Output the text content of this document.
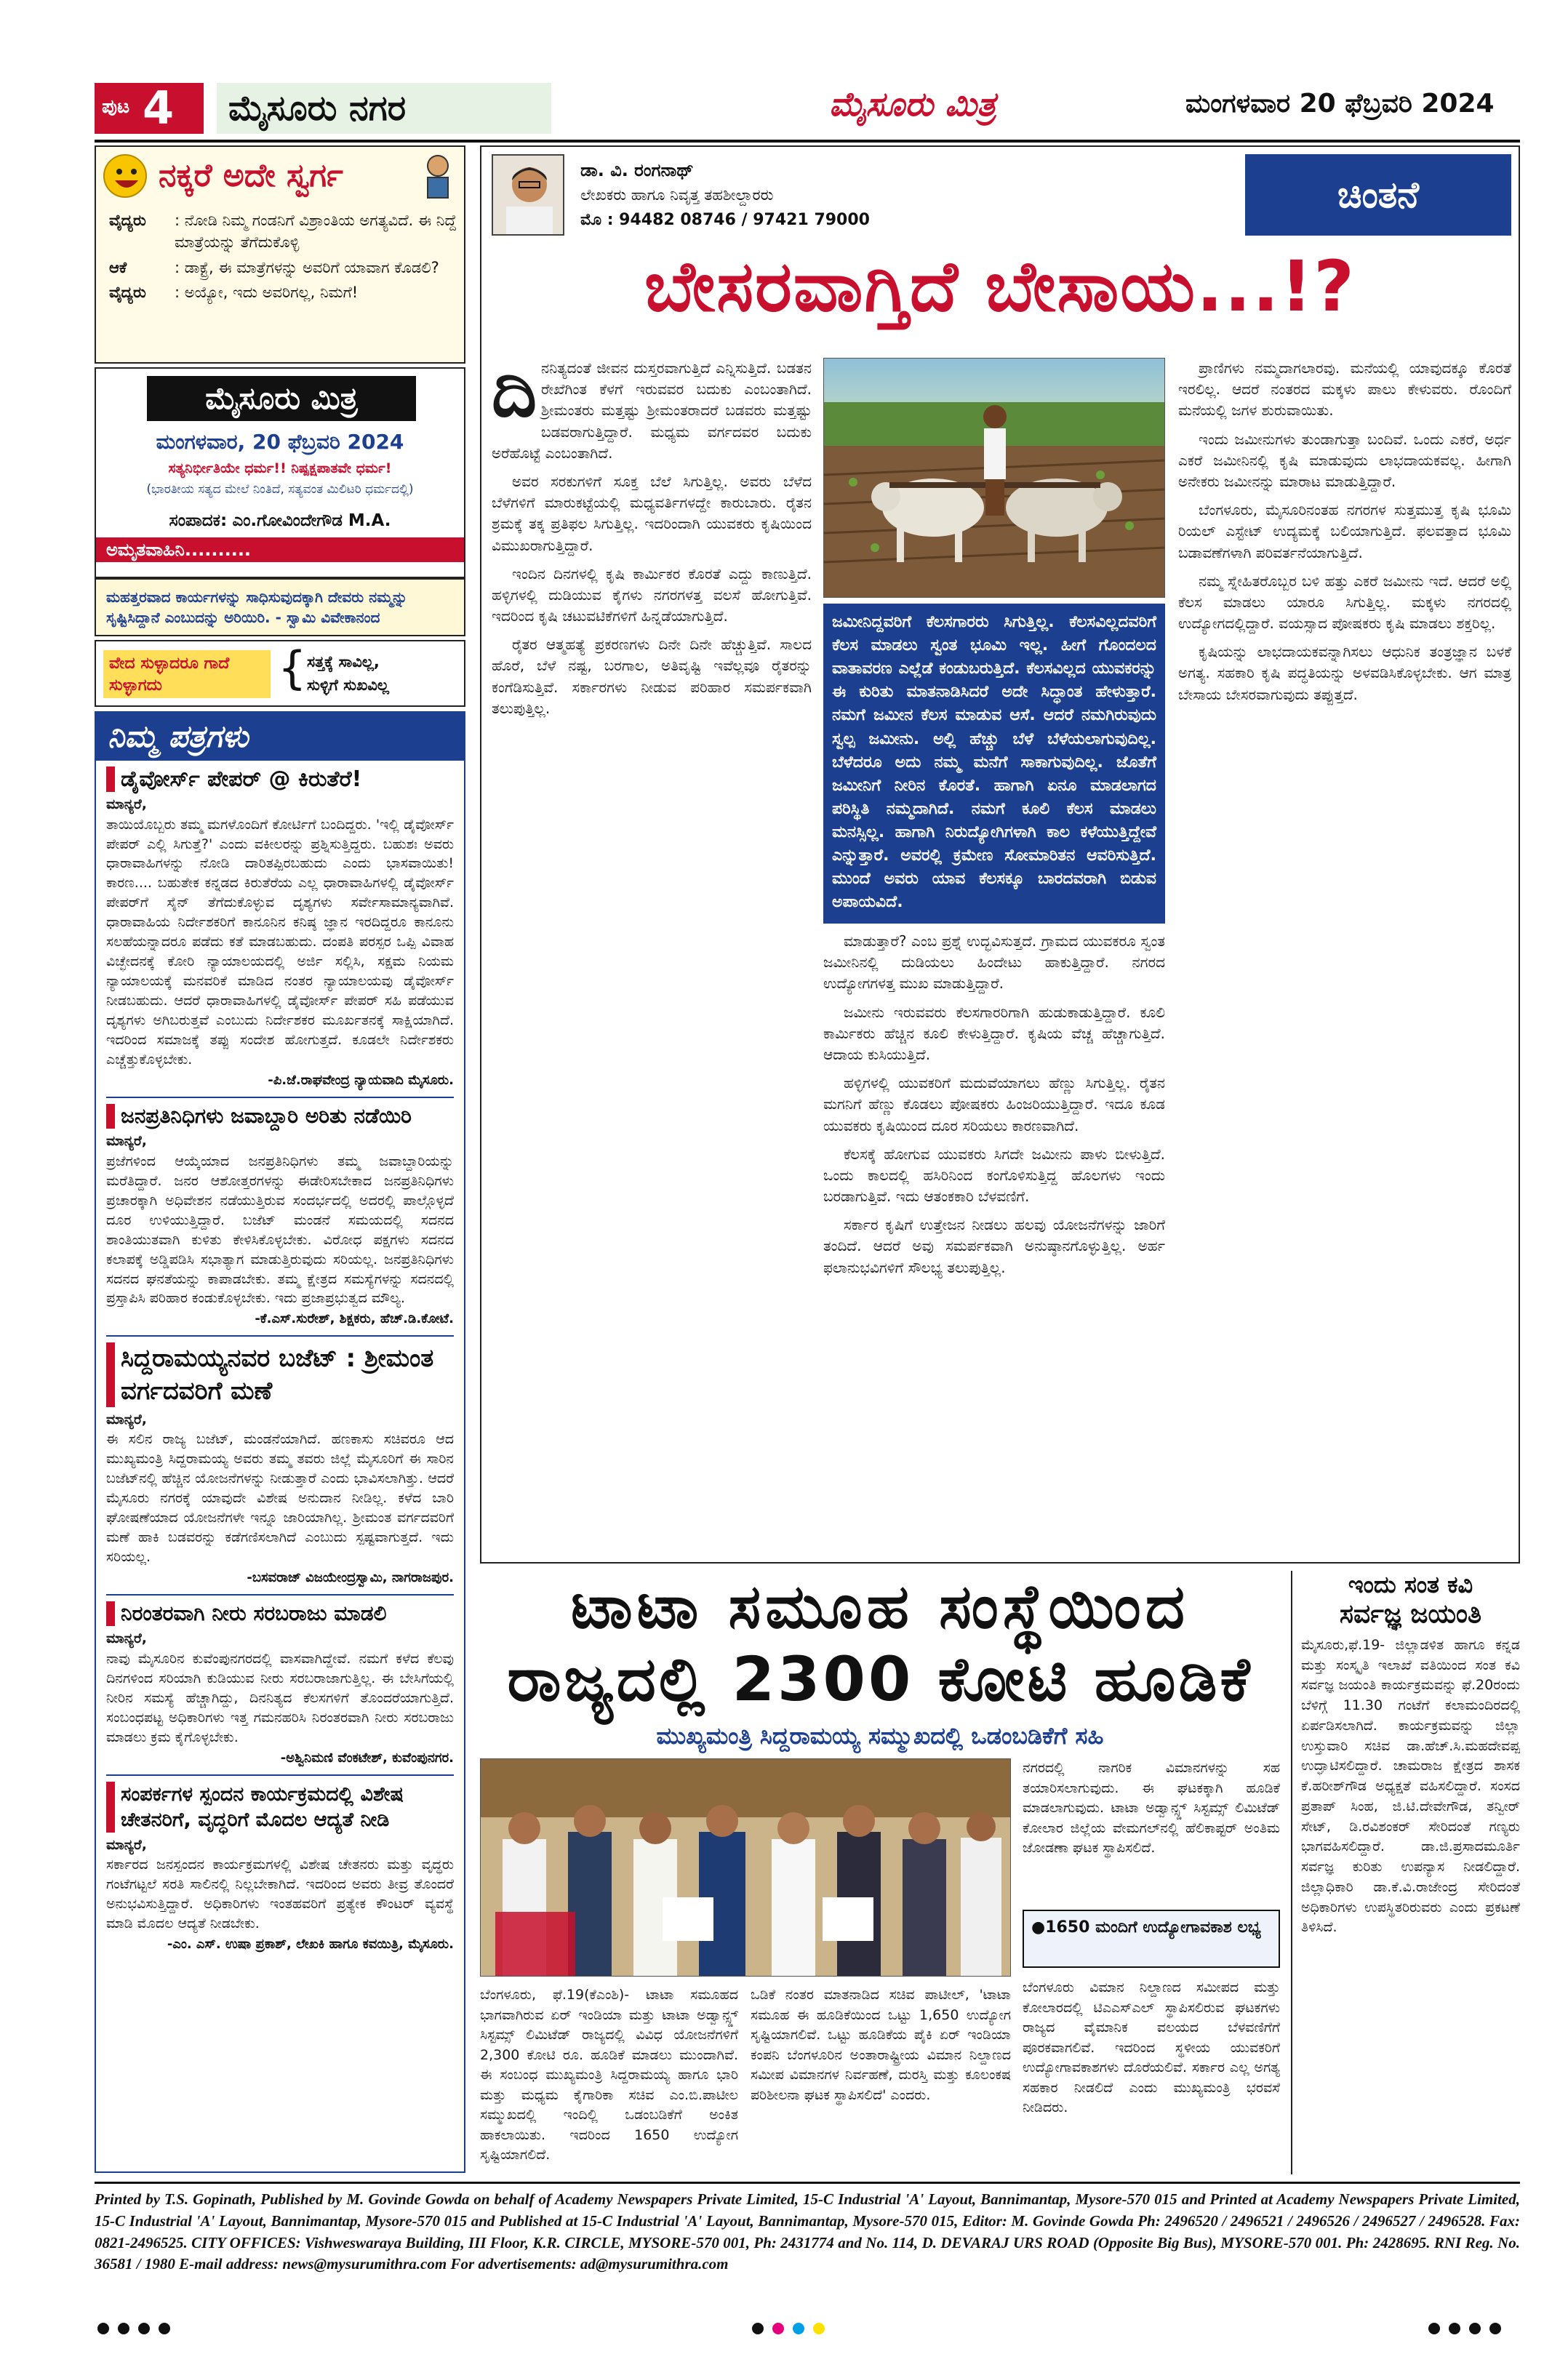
ಪುಟ 4	ಮೈಸೂರು ನಗರ	ಮೈಸೂರು ಮಿತ್ರ	ಮಂಗಳವಾರ 20 ಫೆಬ್ರವರಿ 2024
ನಕ್ಕರೆ ಅದೇ ಸ್ವರ್ಗ
ವೈದ್ಯರು	: ನೋಡಿ ನಿಮ್ಮ ಗಂಡನಿಗೆ ವಿಶ್ರಾಂತಿಯ ಅಗತ್ಯವಿದೆ. ಈ ನಿದ್ದೆ ಮಾತ್ರೆಯನ್ನು ತೆಗೆದುಕೊಳ್ಳಿ
ಆಕೆ	: ಡಾಕ್ಟ್ರೆ, ಈ ಮಾತ್ರೆಗಳನ್ನು ಅವರಿಗೆ ಯಾವಾಗ ಕೊಡಲಿ?
ವೈದ್ಯರು	: ಅಯ್ಯೋ, ಇದು ಅವರಿಗಲ್ಲ, ನಿಮಗೆ!
ಮೈಸೂರು ಮಿತ್ರ
ಮಂಗಳವಾರ, 20 ಫೆಬ್ರವರಿ 2024
ಸತ್ಯನಿರ್ಭೀತಿಯೇ ಧರ್ಮ!! ನಿಷ್ಪಕ್ಷಪಾತವೇ ಧರ್ಮ!
(ಭಾರತೀಯ ಸತ್ಯದ ಮೇಲೆ ನಿಂತಿದೆ, ಸತ್ಯವಂತ ಮಿಲಿಟರಿ ಧರ್ಮದಲ್ಲಿ)
ಸಂಪಾದಕ: ಎಂ.ಗೋವಿಂದೇಗೌಡ M.A.
ಅಮೃತವಾಹಿನಿ..........
ಮಹತ್ತರವಾದ ಕಾರ್ಯಗಳನ್ನು ಸಾಧಿಸುವುದಕ್ಕಾಗಿ ದೇವರು ನಮ್ಮನ್ನು ಸೃಷ್ಟಿಸಿದ್ದಾನೆ ಎಂಬುದನ್ನು ಅರಿಯಿರಿ. - ಸ್ವಾಮಿ ವಿವೇಕಾನಂದ
ವೇದ ಸುಳ್ಳಾದರೂ ಗಾದೆ ಸುಳ್ಳಾಗದು	{ ಸತ್ತಕ್ಕೆ ಸಾವಿಲ್ಲ,
ಸುಳ್ಳಿಗೆ ಸುಖವಿಲ್ಲ
ನಿಮ್ಮ ಪತ್ರಗಳು
ಡೈವೋರ್ಸ್ ಪೇಪರ್ @ ಕಿರುತೆರೆ!
ಮಾನ್ಯರೆ,
ತಾಯಿಯೊಬ್ಬರು ತಮ್ಮ ಮಗಳೊಂದಿಗೆ ಕೋರ್ಟಿಗೆ ಬಂದಿದ್ದರು. 'ಇಲ್ಲಿ ಡೈವೋರ್ಸ್ ಪೇಪರ್ ಎಲ್ಲಿ ಸಿಗುತ್ತೆ?' ಎಂದು ವಕೀಲರನ್ನು ಪ್ರಶ್ನಿಸುತ್ತಿದ್ದರು. ಬಹುಶಃ ಅವರು ಧಾರಾವಾಹಿಗಳನ್ನು ನೋಡಿ ದಾರಿತಪ್ಪಿರಬಹುದು ಎಂದು ಭಾಸವಾಯಿತು! ಕಾರಣ.... ಬಹುತೇಕ ಕನ್ನಡದ ಕಿರುತೆರೆಯ ಎಲ್ಲ ಧಾರಾವಾಹಿಗಳಲ್ಲಿ ಡೈವೋರ್ಸ್ ಪೇಪರ್‌ಗೆ ಸೈನ್ ತೆಗೆದುಕೊಳ್ಳುವ ದೃಶ್ಯಗಳು ಸರ್ವೇಸಾಮಾನ್ಯವಾಗಿವೆ. ಧಾರಾವಾಹಿಯ ನಿರ್ದೇಶಕರಿಗೆ ಕಾನೂನಿನ ಕನಿಷ್ಠ ಜ್ಞಾನ ಇರದಿದ್ದರೂ ಕಾನೂನು ಸಲಹೆಯನ್ನಾದರೂ ಪಡೆದು ಕತೆ ಮಾಡಬಹುದು. ದಂಪತಿ ಪರಸ್ಪರ ಒಪ್ಪಿ ವಿವಾಹ ವಿಚ್ಛೇದನಕ್ಕೆ ಕೋರಿ ನ್ಯಾಯಾಲಯದಲ್ಲಿ ಅರ್ಜಿ ಸಲ್ಲಿಸಿ, ಸಕ್ಷಮ ನಿಯಮ ನ್ಯಾಯಾಲಯಕ್ಕೆ ಮನವರಿಕೆ ಮಾಡಿದ ನಂತರ ನ್ಯಾಯಾಲಯವು ಡೈವೋರ್ಸ್ ನೀಡಬಹುದು. ಆದರೆ ಧಾರಾವಾಹಿಗಳಲ್ಲಿ ಡೈವೋರ್ಸ್ ಪೇಪರ್ ಸಹಿ ಪಡೆಯುವ ದೃಶ್ಯಗಳು ಅಗಿಬರುತ್ತವೆ ಎಂಬುದು ನಿರ್ದೇಶಕರ ಮೂರ್ಖತನಕ್ಕೆ ಸಾಕ್ಷಿಯಾಗಿದೆ. ಇದರಿಂದ ಸಮಾಜಕ್ಕೆ ತಪ್ಪು ಸಂದೇಶ ಹೋಗುತ್ತದೆ. ಕೂಡಲೇ ನಿರ್ದೇಶಕರು ಎಚ್ಚೆತ್ತುಕೊಳ್ಳಬೇಕು.
-ಪಿ.ಜೆ.ರಾಘವೇಂದ್ರ ನ್ಯಾಯವಾದಿ ಮೈಸೂರು.
ಜನಪ್ರತಿನಿಧಿಗಳು ಜವಾಬ್ದಾರಿ ಅರಿತು ನಡೆಯಿರಿ
ಮಾನ್ಯರೆ,
ಪ್ರಜೆಗಳಿಂದ ಆಯ್ಕೆಯಾದ ಜನಪ್ರತಿನಿಧಿಗಳು ತಮ್ಮ ಜವಾಬ್ದಾರಿಯನ್ನು ಮರೆತಿದ್ದಾರೆ. ಜನರ ಆಶೋತ್ತರಗಳನ್ನು ಈಡೇರಿಸಬೇಕಾದ ಜನಪ್ರತಿನಿಧಿಗಳು ಪ್ರಚಾರಕ್ಕಾಗಿ ಅಧಿವೇಶನ ನಡೆಯುತ್ತಿರುವ ಸಂದರ್ಭದಲ್ಲಿ ಅದರಲ್ಲಿ ಪಾಲ್ಗೊಳ್ಳದೆ ದೂರ ಉಳಿಯುತ್ತಿದ್ದಾರೆ. ಬಜೆಟ್ ಮಂಡನೆ ಸಮಯದಲ್ಲಿ ಸದನದ ಶಾಂತಿಯುತವಾಗಿ ಕುಳಿತು ಕೇಳಿಸಿಕೊಳ್ಳಬೇಕು. ವಿರೋಧ ಪಕ್ಷಗಳು ಸದನದ ಕಲಾಪಕ್ಕೆ ಅಡ್ಡಿಪಡಿಸಿ ಸಭಾತ್ಯಾಗ ಮಾಡುತ್ತಿರುವುದು ಸರಿಯಲ್ಲ. ಜನಪ್ರತಿನಿಧಿಗಳು ಸದನದ ಘನತೆಯನ್ನು ಕಾಪಾಡಬೇಕು. ತಮ್ಮ ಕ್ಷೇತ್ರದ ಸಮಸ್ಯೆಗಳನ್ನು ಸದನದಲ್ಲಿ ಪ್ರಸ್ತಾಪಿಸಿ ಪರಿಹಾರ ಕಂಡುಕೊಳ್ಳಬೇಕು. ಇದು ಪ್ರಜಾಪ್ರಭುತ್ವದ ಮೌಲ್ಯ.
-ಕೆ.ಎಸ್.ಸುರೇಶ್, ಶಿಕ್ಷಕರು, ಹೆಚ್.ಡಿ.ಕೋಟೆ.
ಸಿದ್ದರಾಮಯ್ಯನವರ ಬಜೆಟ್ : ಶ್ರೀಮಂತ ವರ್ಗದವರಿಗೆ ಮಣೆ
ಮಾನ್ಯರೆ,
ಈ ಸಲಿನ ರಾಜ್ಯ ಬಜೆಟ್, ಮಂಡನೆಯಾಗಿದೆ. ಹಣಕಾಸು ಸಚಿವರೂ ಆದ ಮುಖ್ಯಮಂತ್ರಿ ಸಿದ್ದರಾಮಯ್ಯ ಅವರು ತಮ್ಮ ತವರು ಜಿಲ್ಲೆ ಮೈಸೂರಿಗೆ ಈ ಸಾರಿನ ಬಜೆಟ್‌ನಲ್ಲಿ ಹೆಚ್ಚಿನ ಯೋಜನೆಗಳನ್ನು ನೀಡುತ್ತಾರೆ ಎಂದು ಭಾವಿಸಲಾಗಿತ್ತು. ಆದರೆ ಮೈಸೂರು ನಗರಕ್ಕೆ ಯಾವುದೇ ವಿಶೇಷ ಅನುದಾನ ನೀಡಿಲ್ಲ. ಕಳೆದ ಬಾರಿ ಘೋಷಣೆಯಾದ ಯೋಜನೆಗಳೇ ಇನ್ನೂ ಜಾರಿಯಾಗಿಲ್ಲ. ಶ್ರೀಮಂತ ವರ್ಗದವರಿಗೆ ಮಣೆ ಹಾಕಿ ಬಡವರನ್ನು ಕಡೆಗಣಿಸಲಾಗಿದೆ ಎಂಬುದು ಸ್ಪಷ್ಟವಾಗುತ್ತದೆ. ಇದು ಸರಿಯಲ್ಲ.
-ಬಸವರಾಜ್ ವಿಜಯೇಂದ್ರಸ್ವಾಮಿ, ನಾಗರಾಜಪುರ.
ನಿರಂತರವಾಗಿ ನೀರು ಸರಬರಾಜು ಮಾಡಲಿ
ಮಾನ್ಯರೆ,
ನಾವು ಮೈಸೂರಿನ ಕುವೆಂಪುನಗರದಲ್ಲಿ ವಾಸವಾಗಿದ್ದೇವೆ. ನಮಗೆ ಕಳೆದ ಕೆಲವು ದಿನಗಳಿಂದ ಸರಿಯಾಗಿ ಕುಡಿಯುವ ನೀರು ಸರಬರಾಜಾಗುತ್ತಿಲ್ಲ. ಈ ಬೇಸಿಗೆಯಲ್ಲಿ ನೀರಿನ ಸಮಸ್ಯೆ ಹೆಚ್ಚಾಗಿದ್ದು, ದಿನನಿತ್ಯದ ಕೆಲಸಗಳಿಗೆ ತೊಂದರೆಯಾಗುತ್ತಿದೆ. ಸಂಬಂಧಪಟ್ಟ ಅಧಿಕಾರಿಗಳು ಇತ್ತ ಗಮನಹರಿಸಿ ನಿರಂತರವಾಗಿ ನೀರು ಸರಬರಾಜು ಮಾಡಲು ಕ್ರಮ ಕೈಗೊಳ್ಳಬೇಕು.
-ಅಶ್ವಿನಿಮಣಿ ವೆಂಕಟೇಶ್, ಕುವೆಂಪುನಗರ.
ಸಂಪರ್ಕಗಳ ಸ್ಪಂದನ ಕಾರ್ಯಕ್ರಮದಲ್ಲಿ ವಿಶೇಷ ಚೇತನರಿಗೆ, ವೃದ್ಧರಿಗೆ ಮೊದಲ ಆದ್ಯತೆ ನೀಡಿ
ಮಾನ್ಯರೆ,
ಸರ್ಕಾರದ ಜನಸ್ಪಂದನ ಕಾರ್ಯಕ್ರಮಗಳಲ್ಲಿ ವಿಶೇಷ ಚೇತನರು ಮತ್ತು ವೃದ್ಧರು ಗಂಟೆಗಟ್ಟಲೆ ಸರತಿ ಸಾಲಿನಲ್ಲಿ ನಿಲ್ಲಬೇಕಾಗಿದೆ. ಇದರಿಂದ ಅವರು ತೀವ್ರ ತೊಂದರೆ ಅನುಭವಿಸುತ್ತಿದ್ದಾರೆ. ಅಧಿಕಾರಿಗಳು ಇಂತಹವರಿಗೆ ಪ್ರತ್ಯೇಕ ಕೌಂಟರ್ ವ್ಯವಸ್ಥೆ ಮಾಡಿ ಮೊದಲ ಆದ್ಯತೆ ನೀಡಬೇಕು.
-ಎಂ. ಎಸ್. ಉಷಾ ಪ್ರಕಾಶ್, ಲೇಖಕಿ ಹಾಗೂ ಕವಯಿತ್ರಿ, ಮೈಸೂರು.
ಡಾ. ವಿ. ರಂಗನಾಥ್
ಲೇಖಕರು ಹಾಗೂ ನಿವೃತ್ತ ತಹಶೀಲ್ದಾರರು
ಮೊ : 94482 08746 / 97421 79000
ಚಿಂತನೆ
ಬೇಸರವಾಗ್ತಿದೆ ಬೇಸಾಯ...!?
ದಿ ನನಿತ್ಯದಂತೆ ಜೀವನ ದುಸ್ತರವಾಗುತ್ತಿದೆ ಎನ್ನಿಸುತ್ತಿದೆ. ಬಡತನ ರೇಖೆಗಿಂತ ಕೆಳಗೆ ಇರುವವರ ಬದುಕು ಎಂಬಂತಾಗಿದೆ. ಶ್ರೀಮಂತರು ಮತ್ತಷ್ಟು ಶ್ರೀಮಂತರಾದರೆ ಬಡವರು ಮತ್ತಷ್ಟು ಬಡವರಾಗುತ್ತಿದ್ದಾರೆ. ಮಧ್ಯಮ ವರ್ಗದವರ ಬದುಕು ಅರೆಹೊಟ್ಟೆ ಎಂಬಂತಾಗಿದೆ.

ಅವರ ಸರಕುಗಳಿಗೆ ಸೂಕ್ತ ಬೆಲೆ ಸಿಗುತ್ತಿಲ್ಲ. ಅವರು ಬೆಳೆದ ಬೆಳೆಗಳಿಗೆ ಮಾರುಕಟ್ಟೆಯಲ್ಲಿ ಮಧ್ಯವರ್ತಿಗಳದ್ದೇ ಕಾರುಬಾರು. ರೈತನ ಶ್ರಮಕ್ಕೆ ತಕ್ಕ ಪ್ರತಿಫಲ ಸಿಗುತ್ತಿಲ್ಲ. ಇದರಿಂದಾಗಿ ಯುವಕರು ಕೃಷಿಯಿಂದ ವಿಮುಖರಾಗುತ್ತಿದ್ದಾರೆ.

ಇಂದಿನ ದಿನಗಳಲ್ಲಿ ಕೃಷಿ ಕಾರ್ಮಿಕರ ಕೊರತೆ ಎದ್ದು ಕಾಣುತ್ತಿದೆ. ಹಳ್ಳಿಗಳಲ್ಲಿ ದುಡಿಯುವ ಕೈಗಳು ನಗರಗಳತ್ತ ವಲಸೆ ಹೋಗುತ್ತಿವೆ. ಇದರಿಂದ ಕೃಷಿ ಚಟುವಟಿಕೆಗಳಿಗೆ ಹಿನ್ನಡೆಯಾಗುತ್ತಿದೆ.

ರೈತರ ಆತ್ಮಹತ್ಯೆ ಪ್ರಕರಣಗಳು ದಿನೇ ದಿನೇ ಹೆಚ್ಚುತ್ತಿವೆ. ಸಾಲದ ಹೊರೆ, ಬೆಳೆ ನಷ್ಟ, ಬರಗಾಲ, ಅತಿವೃಷ್ಟಿ ಇವೆಲ್ಲವೂ ರೈತರನ್ನು ಕಂಗೆಡಿಸುತ್ತಿವೆ. ಸರ್ಕಾರಗಳು ನೀಡುವ ಪರಿಹಾರ ಸಮರ್ಪಕವಾಗಿ ತಲುಪುತ್ತಿಲ್ಲ.

ಜಮೀನಿದ್ದವರಿಗೆ ಕೆಲಸಗಾರರು ಸಿಗುತ್ತಿಲ್ಲ. ಕೆಲಸವಿಲ್ಲದವರಿಗೆ ಕೆಲಸ ಮಾಡಲು ಸ್ವಂತ ಭೂಮಿ ಇಲ್ಲ. ಹೀಗೆ ಗೊಂದಲದ ವಾತಾವರಣ ಎಲ್ಲೆಡೆ ಕಂಡುಬರುತ್ತಿದೆ. ಕೆಲಸವಿಲ್ಲದ ಯುವಕರನ್ನು ಈ ಕುರಿತು ಮಾತನಾಡಿಸಿದರೆ ಅದೇ ಸಿದ್ಧಾಂತ ಹೇಳುತ್ತಾರೆ. ನಮಗೆ ಜಮೀನ ಕೆಲಸ ಮಾಡುವ ಆಸೆ. ಆದರೆ ನಮಗಿರುವುದು ಸ್ವಲ್ಪ ಜಮೀನು. ಅಲ್ಲಿ ಹೆಚ್ಚು ಬೆಳೆ ಬೆಳೆಯಲಾಗುವುದಿಲ್ಲ. ಬೆಳೆದರೂ ಅದು ನಮ್ಮ ಮನೆಗೆ ಸಾಕಾಗುವುದಿಲ್ಲ. ಜೊತೆಗೆ ಜಮೀನಿಗೆ ನೀರಿನ ಕೊರತೆ. ಹಾಗಾಗಿ ಏನೂ ಮಾಡಲಾಗದ ಪರಿಸ್ಥಿತಿ ನಮ್ಮದಾಗಿದೆ. ನಮಗೆ ಕೂಲಿ ಕೆಲಸ ಮಾಡಲು ಮನಸ್ಸಿಲ್ಲ. ಹಾಗಾಗಿ ನಿರುದ್ಯೋಗಿಗಳಾಗಿ ಕಾಲ ಕಳೆಯುತ್ತಿದ್ದೇವೆ ಎನ್ನುತ್ತಾರೆ. ಅವರಲ್ಲಿ ಕ್ರಮೇಣ ಸೋಮಾರಿತನ ಆವರಿಸುತ್ತಿದೆ. ಮುಂದೆ ಅವರು ಯಾವ ಕೆಲಸಕ್ಕೂ ಬಾರದವರಾಗಿ ಬಿಡುವ ಅಪಾಯವಿದೆ.

ಮಾಡುತ್ತಾರೆ? ಎಂಬ ಪ್ರಶ್ನೆ ಉದ್ಭವಿಸುತ್ತದೆ. ಗ್ರಾಮದ ಯುವಕರೂ ಸ್ವಂತ ಜಮೀನಿನಲ್ಲಿ ದುಡಿಯಲು ಹಿಂದೇಟು ಹಾಕುತ್ತಿದ್ದಾರೆ. ನಗರದ ಉದ್ಯೋಗಗಳತ್ತ ಮುಖ ಮಾಡುತ್ತಿದ್ದಾರೆ.

ಜಮೀನು ಇರುವವರು ಕೆಲಸಗಾರರಿಗಾಗಿ ಹುಡುಕಾಡುತ್ತಿದ್ದಾರೆ. ಕೂಲಿ ಕಾರ್ಮಿಕರು ಹೆಚ್ಚಿನ ಕೂಲಿ ಕೇಳುತ್ತಿದ್ದಾರೆ. ಕೃಷಿಯ ವೆಚ್ಚ ಹೆಚ್ಚಾಗುತ್ತಿದೆ. ಆದಾಯ ಕುಸಿಯುತ್ತಿದೆ.

ಹಳ್ಳಿಗಳಲ್ಲಿ ಯುವಕರಿಗೆ ಮದುವೆಯಾಗಲು ಹೆಣ್ಣು ಸಿಗುತ್ತಿಲ್ಲ. ರೈತನ ಮಗನಿಗೆ ಹೆಣ್ಣು ಕೊಡಲು ಪೋಷಕರು ಹಿಂಜರಿಯುತ್ತಿದ್ದಾರೆ. ಇದೂ ಕೂಡ ಯುವಕರು ಕೃಷಿಯಿಂದ ದೂರ ಸರಿಯಲು ಕಾರಣವಾಗಿದೆ.

ಕೆಲಸಕ್ಕೆ ಹೋಗುವ ಯುವಕರು ಸಿಗದೇ ಜಮೀನು ಪಾಳು ಬೀಳುತ್ತಿದೆ. ಒಂದು ಕಾಲದಲ್ಲಿ ಹಸಿರಿನಿಂದ ಕಂಗೊಳಿಸುತ್ತಿದ್ದ ಹೊಲಗಳು ಇಂದು ಬರಡಾಗುತ್ತಿವೆ. ಇದು ಆತಂಕಕಾರಿ ಬೆಳವಣಿಗೆ.

ಸರ್ಕಾರ ಕೃಷಿಗೆ ಉತ್ತೇಜನ ನೀಡಲು ಹಲವು ಯೋಜನೆಗಳನ್ನು ಜಾರಿಗೆ ತಂದಿದೆ. ಆದರೆ ಅವು ಸಮರ್ಪಕವಾಗಿ ಅನುಷ್ಠಾನಗೊಳ್ಳುತ್ತಿಲ್ಲ. ಅರ್ಹ ಫಲಾನುಭವಿಗಳಿಗೆ ಸೌಲಭ್ಯ ತಲುಪುತ್ತಿಲ್ಲ.

ಪ್ರಾಣಿಗಳು ನಮ್ಮದಾಗಲಾರವು. ಮನೆಯಲ್ಲಿ ಯಾವುದಕ್ಕೂ ಕೊರತೆ ಇರಲಿಲ್ಲ. ಆದರೆ ನಂತರದ ಮಕ್ಕಳು ಪಾಲು ಕೇಳುವರು. ರೊಂದಿಗೆ ಮನೆಯಲ್ಲಿ ಜಗಳ ಶುರುವಾಯಿತು.

ಇಂದು ಜಮೀನುಗಳು ತುಂಡಾಗುತ್ತಾ ಬಂದಿವೆ. ಒಂದು ಎಕರೆ, ಅರ್ಧ ಎಕರೆ ಜಮೀನಿನಲ್ಲಿ ಕೃಷಿ ಮಾಡುವುದು ಲಾಭದಾಯಕವಲ್ಲ. ಹೀಗಾಗಿ ಅನೇಕರು ಜಮೀನನ್ನು ಮಾರಾಟ ಮಾಡುತ್ತಿದ್ದಾರೆ.

ಬೆಂಗಳೂರು, ಮೈಸೂರಿನಂತಹ ನಗರಗಳ ಸುತ್ತಮುತ್ತ ಕೃಷಿ ಭೂಮಿ ರಿಯಲ್ ಎಸ್ಟೇಟ್ ಉದ್ಯಮಕ್ಕೆ ಬಲಿಯಾಗುತ್ತಿದೆ. ಫಲವತ್ತಾದ ಭೂಮಿ ಬಡಾವಣೆಗಳಾಗಿ ಪರಿವರ್ತನೆಯಾಗುತ್ತಿದೆ.

ನಮ್ಮ ಸ್ನೇಹಿತರೊಬ್ಬರ ಬಳಿ ಹತ್ತು ಎಕರೆ ಜಮೀನು ಇದೆ. ಆದರೆ ಅಲ್ಲಿ ಕೆಲಸ ಮಾಡಲು ಯಾರೂ ಸಿಗುತ್ತಿಲ್ಲ. ಮಕ್ಕಳು ನಗರದಲ್ಲಿ ಉದ್ಯೋಗದಲ್ಲಿದ್ದಾರೆ. ವಯಸ್ಸಾದ ಪೋಷಕರು ಕೃಷಿ ಮಾಡಲು ಶಕ್ತರಿಲ್ಲ.

ಕೃಷಿಯನ್ನು ಲಾಭದಾಯಕವನ್ನಾಗಿಸಲು ಆಧುನಿಕ ತಂತ್ರಜ್ಞಾನ ಬಳಕೆ ಅಗತ್ಯ. ಸಹಕಾರಿ ಕೃಷಿ ಪದ್ಧತಿಯನ್ನು ಅಳವಡಿಸಿಕೊಳ್ಳಬೇಕು. ಆಗ ಮಾತ್ರ ಬೇಸಾಯ ಬೇಸರವಾಗುವುದು ತಪ್ಪುತ್ತದೆ.

ಟಾಟಾ ಸಮೂಹ ಸಂಸ್ಥೆಯಿಂದ
ರಾಜ್ಯದಲ್ಲಿ 2300 ಕೋಟಿ ಹೂಡಿಕೆ
ಮುಖ್ಯಮಂತ್ರಿ ಸಿದ್ದರಾಮಯ್ಯ ಸಮ್ಮುಖದಲ್ಲಿ ಒಡಂಬಡಿಕೆಗೆ ಸಹಿ
ನಗರದಲ್ಲಿ ನಾಗರಿಕ ವಿಮಾನಗಳನ್ನು ಸಹ ತಯಾರಿಸಲಾಗುವುದು. ಈ ಘಟಕಕ್ಕಾಗಿ ಹೂಡಿಕೆ ಮಾಡಲಾಗುವುದು. ಟಾಟಾ ಅಡ್ವಾನ್ಸ್ಡ್ ಸಿಸ್ಟಮ್ಸ್ ಲಿಮಿಟೆಡ್ ಕೋಲಾರ ಜಿಲ್ಲೆಯ ವೇಮಗಲ್‌ನಲ್ಲಿ ಹೆಲಿಕಾಪ್ಟರ್ ಅಂತಿಮ ಜೋಡಣಾ ಘಟಕ ಸ್ಥಾಪಿಸಲಿದೆ.
●1650 ಮಂದಿಗೆ ಉದ್ಯೋಗಾವಕಾಶ ಲಭ್ಯ
ಬೆಂಗಳೂರು, ಫೆ.19(ಕೆಎಂಶಿ)- ಟಾಟಾ ಸಮೂಹದ ಭಾಗವಾಗಿರುವ ಏರ್ ಇಂಡಿಯಾ ಮತ್ತು ಟಾಟಾ ಅಡ್ವಾನ್ಸ್ಡ್ ಸಿಸ್ಟಮ್ಸ್ ಲಿಮಿಟೆಡ್ ರಾಜ್ಯದಲ್ಲಿ ವಿವಿಧ ಯೋಜನೆಗಳಿಗೆ 2,300 ಕೋಟಿ ರೂ. ಹೂಡಿಕೆ ಮಾಡಲು ಮುಂದಾಗಿವೆ. ಈ ಸಂಬಂಧ ಮುಖ್ಯಮಂತ್ರಿ ಸಿದ್ದರಾಮಯ್ಯ ಹಾಗೂ ಭಾರಿ ಮತ್ತು ಮಧ್ಯಮ ಕೈಗಾರಿಕಾ ಸಚಿವ ಎಂ.ಬಿ.ಪಾಟೀಲ ಸಮ್ಮುಖದಲ್ಲಿ ಇಂದಿಲ್ಲಿ ಒಡಂಬಡಿಕೆಗೆ ಅಂಕಿತ ಹಾಕಲಾಯಿತು. ಇದರಿಂದ 1650 ಉದ್ಯೋಗ ಸೃಷ್ಟಿಯಾಗಲಿದೆ.
ಒಡಿಕೆ ನಂತರ ಮಾತನಾಡಿದ ಸಚಿವ ಪಾಟೀಲ್, 'ಟಾಟಾ ಸಮೂಹ ಈ ಹೂಡಿಕೆಯಿಂದ ಒಟ್ಟು 1,650 ಉದ್ಯೋಗ ಸೃಷ್ಟಿಯಾಗಲಿವೆ. ಒಟ್ಟು ಹೂಡಿಕೆಯ ಪೈಕಿ ಏರ್ ಇಂಡಿಯಾ ಕಂಪನಿ ಬೆಂಗಳೂರಿನ ಅಂತಾರಾಷ್ಟ್ರೀಯ ವಿಮಾನ ನಿಲ್ದಾಣದ ಸಮೀಪ ವಿಮಾನಗಳ ನಿರ್ವಹಣೆ, ದುರಸ್ತಿ ಮತ್ತು ಕೂಲಂಕಷ ಪರಿಶೀಲನಾ ಘಟಕ ಸ್ಥಾಪಿಸಲಿದೆ' ಎಂದರು.
ಬೆಂಗಳೂರು ವಿಮಾನ ನಿಲ್ದಾಣದ ಸಮೀಪದ ಮತ್ತು ಕೋಲಾರದಲ್ಲಿ ಟಿಎಎಸ್‌ಎಲ್ ಸ್ಥಾಪಿಸಲಿರುವ ಘಟಕಗಳು ರಾಜ್ಯದ ವೈಮಾನಿಕ ವಲಯದ ಬೆಳವಣಿಗೆಗೆ ಪೂರಕವಾಗಲಿವೆ. ಇದರಿಂದ ಸ್ಥಳೀಯ ಯುವಕರಿಗೆ ಉದ್ಯೋಗಾವಕಾಶಗಳು ದೊರೆಯಲಿವೆ. ಸರ್ಕಾರ ಎಲ್ಲ ಅಗತ್ಯ ಸಹಕಾರ ನೀಡಲಿದೆ ಎಂದು ಮುಖ್ಯಮಂತ್ರಿ ಭರವಸೆ ನೀಡಿದರು.
ಇಂದು ಸಂತ ಕವಿ
ಸರ್ವಜ್ಞ ಜಯಂತಿ
ಮೈಸೂರು,ಫೆ.19- ಜಿಲ್ಲಾಡಳಿತ ಹಾಗೂ ಕನ್ನಡ ಮತ್ತು ಸಂಸ್ಕೃತಿ ಇಲಾಖೆ ವತಿಯಿಂದ ಸಂತ ಕವಿ ಸರ್ವಜ್ಞ ಜಯಂತಿ ಕಾರ್ಯಕ್ರಮವನ್ನು ಫೆ.20ರಂದು ಬೆಳಿಗ್ಗೆ 11.30 ಗಂಟೆಗೆ ಕಲಾಮಂದಿರದಲ್ಲಿ ಏರ್ಪಡಿಸಲಾಗಿದೆ. ಕಾರ್ಯಕ್ರಮವನ್ನು ಜಿಲ್ಲಾ ಉಸ್ತುವಾರಿ ಸಚಿವ ಡಾ.ಹೆಚ್.ಸಿ.ಮಹದೇವಪ್ಪ ಉದ್ಘಾಟಿಸಲಿದ್ದಾರೆ. ಚಾಮರಾಜ ಕ್ಷೇತ್ರದ ಶಾಸಕ ಕೆ.ಹರೀಶ್‌ಗೌಡ ಅಧ್ಯಕ್ಷತೆ ವಹಿಸಲಿದ್ದಾರೆ. ಸಂಸದ ಪ್ರತಾಪ್ ಸಿಂಹ, ಜಿ.ಟಿ.ದೇವೇಗೌಡ, ತನ್ವೀರ್ ಸೇಟ್, ಡಿ.ರವಿಶಂಕರ್ ಸೇರಿದಂತೆ ಗಣ್ಯರು ಭಾಗವಹಿಸಲಿದ್ದಾರೆ. ಡಾ.ಜಿ.ಪ್ರಸಾದಮೂರ್ತಿ ಸರ್ವಜ್ಞ ಕುರಿತು ಉಪನ್ಯಾಸ ನೀಡಲಿದ್ದಾರೆ. ಜಿಲ್ಲಾಧಿಕಾರಿ ಡಾ.ಕೆ.ವಿ.ರಾಜೇಂದ್ರ ಸೇರಿದಂತೆ ಅಧಿಕಾರಿಗಳು ಉಪಸ್ಥಿತರಿರುವರು ಎಂದು ಪ್ರಕಟಣೆ ತಿಳಿಸಿದೆ.
Printed by T.S. Gopinath, Published by M. Govinde Gowda on behalf of Academy Newspapers Private Limited, 15-C Industrial 'A' Layout, Bannimantap, Mysore-570 015 and Printed at Academy Newspapers Private Limited, 15-C Industrial 'A' Layout, Bannimantap, Mysore-570 015 and Published at 15-C Industrial 'A' Layout, Bannimantap, Mysore-570 015, Editor: M. Govinde Gowda Ph: 2496520 / 2496521 / 2496526 / 2496527 / 2496528. Fax: 0821-2496525. CITY OFFICES: Vishweswaraya Building, III Floor, K.R. CIRCLE, MYSORE-570 001, Ph: 2431774 and No. 114, D. DEVARAJ URS ROAD (Opposite Big Bus), MYSORE-570 001. Ph: 2428695. RNI Reg. No. 36581 / 1980 E-mail address: news@mysurumithra.com For advertisements: ad@mysurumithra.com
